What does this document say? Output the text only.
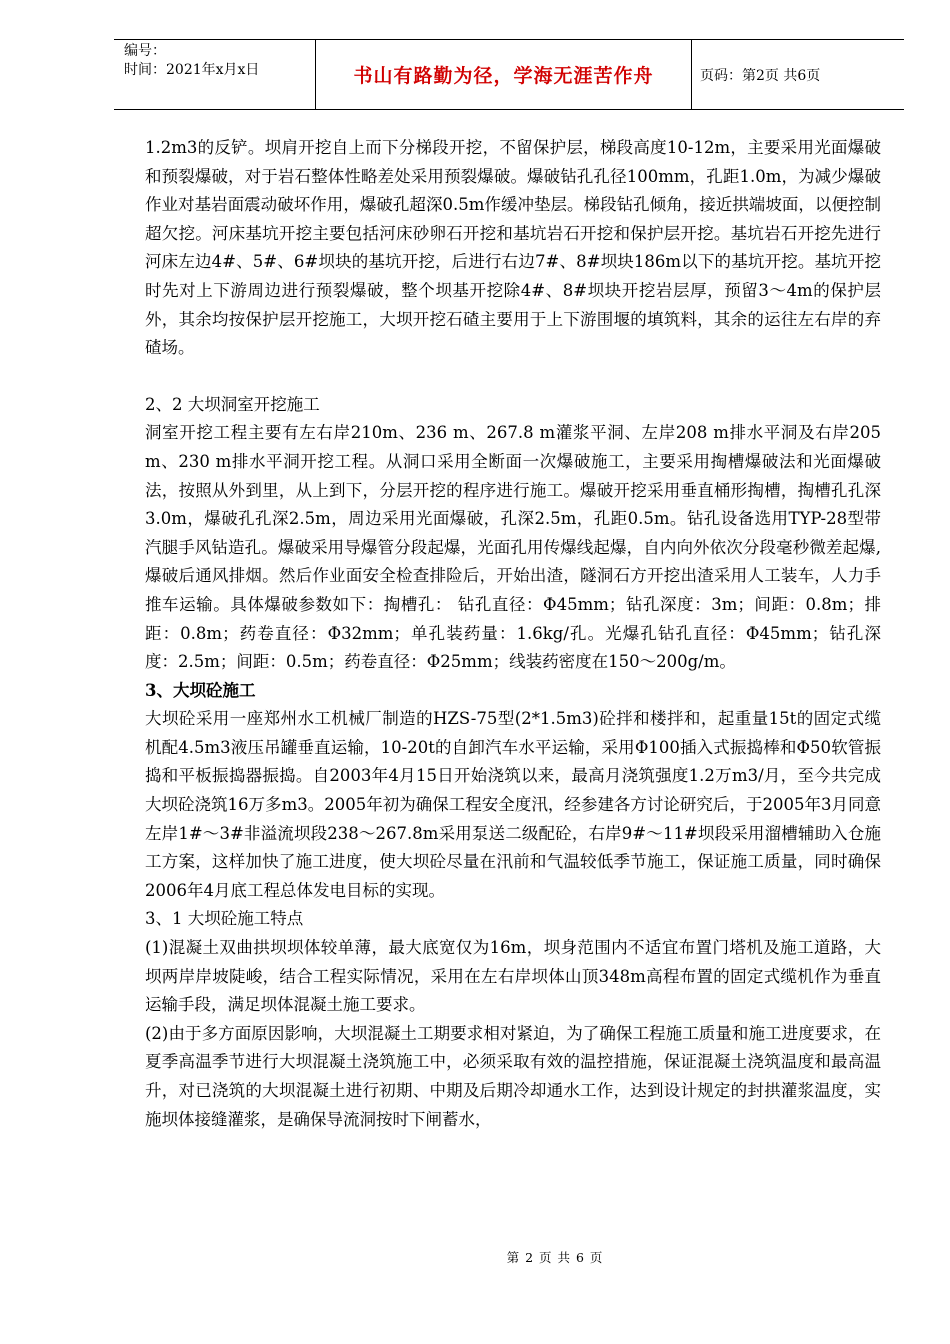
编号：
时间：2021年x月x日	书山有路勤为径，学海无涯苦作舟	页码：第2页 共6页

1.2m3的反铲。坝肩开挖自上而下分梯段开挖，不留保护层，梯段高度10-12m，主要采用光面爆破和预裂爆破，对于岩石整体性略差处采用预裂爆破。爆破钻孔孔径100mm，孔距1.0m，为减少爆破作业对基岩面震动破坏作用，爆破孔超深0.5m作缓冲垫层。梯段钻孔倾角，接近拱端坡面，以便控制超欠挖。河床基坑开挖主要包括河床砂卵石开挖和基坑岩石开挖和保护层开挖。基坑岩石开挖先进行河床左边4#、5#、6#坝块的基坑开挖，后进行右边7#、8#坝块186m以下的基坑开挖。基坑开挖时先对上下游周边进行预裂爆破，整个坝基开挖除4#、8#坝块开挖岩层厚，预留3～4m的保护层外，其余均按保护层开挖施工，大坝开挖石碴主要用于上下游围堰的填筑料，其余的运往左右岸的弃碴场。

2、2 大坝洞室开挖施工

洞室开挖工程主要有左右岸210m、236 m、267.8 m灌浆平洞、左岸208 m排水平洞及右岸205 m、230 m排水平洞开挖工程。从洞口采用全断面一次爆破施工，主要采用掏槽爆破法和光面爆破法，按照从外到里，从上到下，分层开挖的程序进行施工。爆破开挖采用垂直桶形掏槽，掏槽孔孔深3.0m，爆破孔孔深2.5m，周边采用光面爆破，孔深2.5m，孔距0.5m。钻孔设备选用TYP-28型带汽腿手风钻造孔。爆破采用导爆管分段起爆，光面孔用传爆线起爆，自内向外依次分段毫秒微差起爆,爆破后通风排烟。然后作业面安全检查排险后，开始出渣，隧洞石方开挖出渣采用人工装车，人力手推车运输。具体爆破参数如下：掏槽孔： 钻孔直径：Φ45mm；钻孔深度：3m；间距：0.8m；排距：0.8m；药卷直径：Φ32mm；单孔装药量：1.6kg/孔。光爆孔钻孔直径：Φ45mm；钻孔深度：2.5m；间距：0.5m；药卷直径：Φ25mm；线装药密度在150～200g/m。

3、大坝砼施工

大坝砼采用一座郑州水工机械厂制造的HZS-75型(2*1.5m3)砼拌和楼拌和，起重量15t的固定式缆机配4.5m3液压吊罐垂直运输，10-20t的自卸汽车水平运输，采用Φ100插入式振捣棒和Φ50软管振捣和平板振捣器振捣。自2003年4月15日开始浇筑以来，最高月浇筑强度1.2万m3/月，至今共完成大坝砼浇筑16万多m3。2005年初为确保工程安全度汛，经参建各方讨论研究后，于2005年3月同意左岸1#～3#非溢流坝段238～267.8m采用泵送二级配砼，右岸9#～11#坝段采用溜槽辅助入仓施工方案，这样加快了施工进度，使大坝砼尽量在汛前和气温较低季节施工，保证施工质量，同时确保2006年4月底工程总体发电目标的实现。

3、1 大坝砼施工特点

(1)混凝土双曲拱坝坝体较单薄，最大底宽仅为16m，坝身范围内不适宜布置门塔机及施工道路，大坝两岸岸坡陡峻，结合工程实际情况，采用在左右岸坝体山顶348m高程布置的固定式缆机作为垂直运输手段，满足坝体混凝土施工要求。

(2)由于多方面原因影响，大坝混凝土工期要求相对紧迫，为了确保工程施工质量和施工进度要求，在夏季高温季节进行大坝混凝土浇筑施工中，必须采取有效的温控措施，保证混凝土浇筑温度和最高温升，对已浇筑的大坝混凝土进行初期、中期及后期冷却通水工作，达到设计规定的封拱灌浆温度，实施坝体接缝灌浆，是确保导流洞按时下闸蓄水，

第 2 页 共 6 页
